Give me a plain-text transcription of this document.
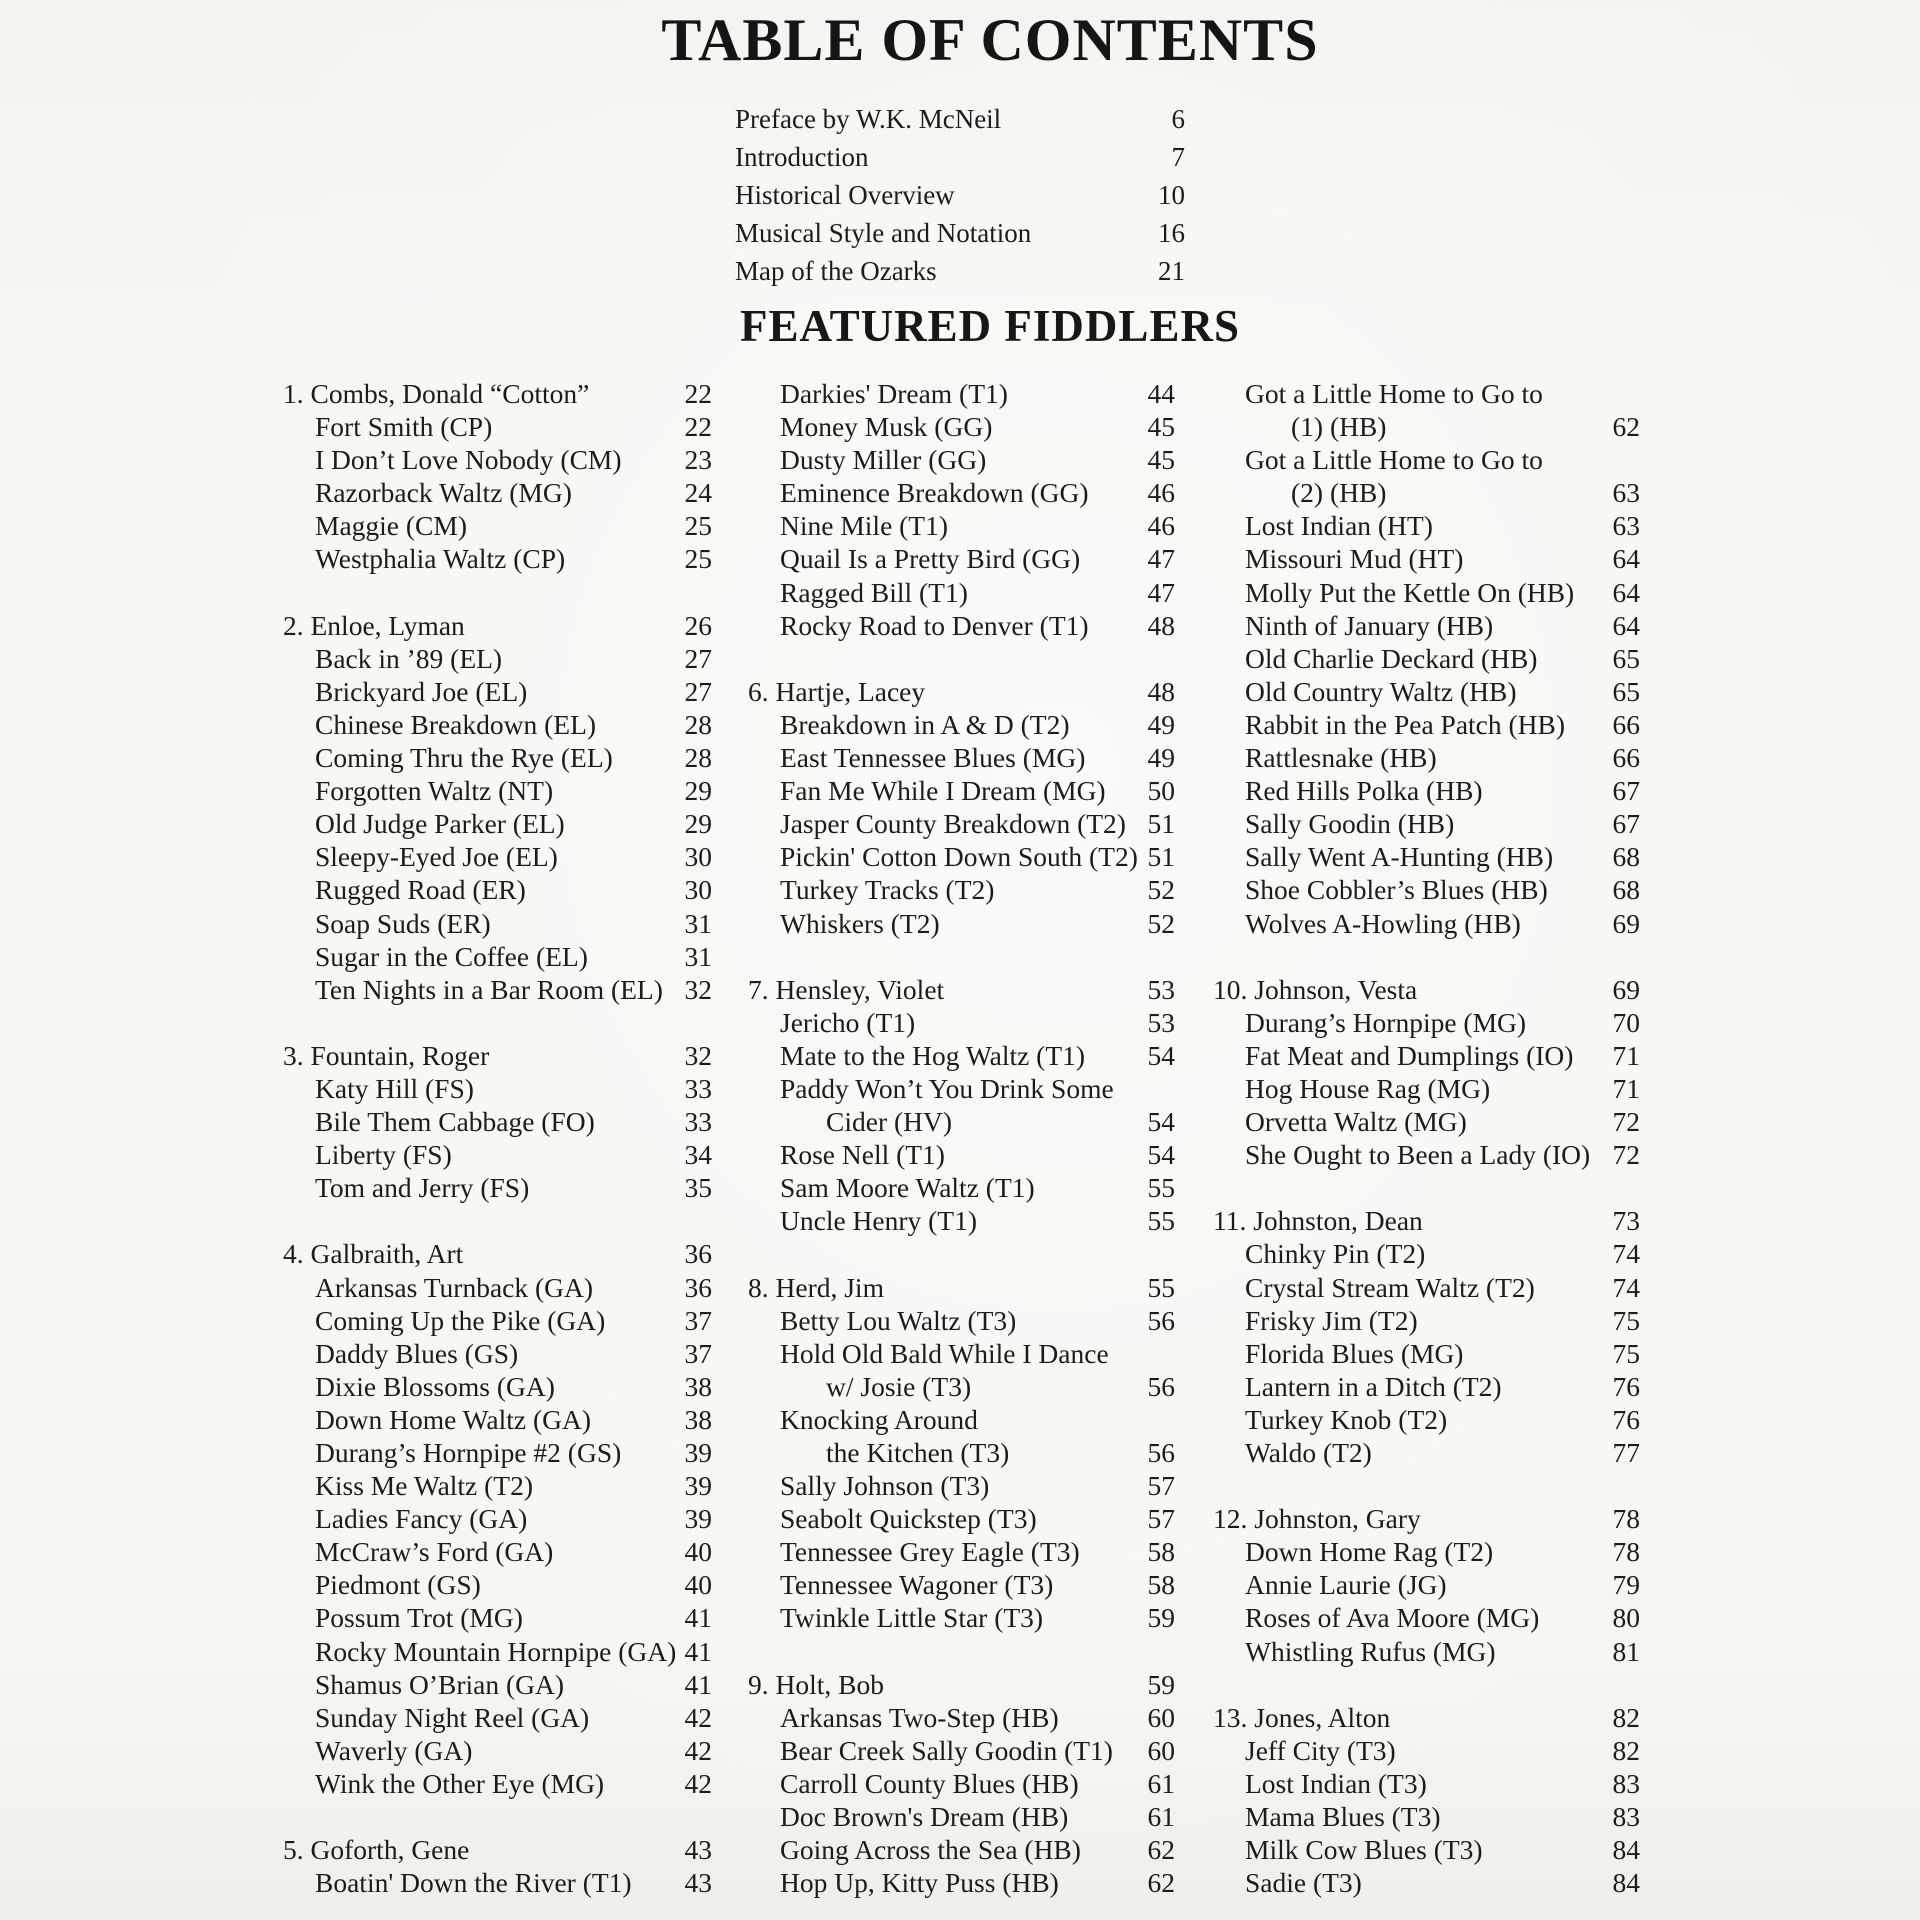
TABLE OF CONTENTS
Preface by W.K. McNeil	6
Introduction	7
Historical Overview	10
Musical Style and Notation	16
Map of the Ozarks	21
FEATURED FIDDLERS
1. Combs, Donald “Cotton”	22
Fort Smith (CP)	22
I Don’t Love Nobody (CM) 23
Razorback Waltz (MG)	24
Maggie (CM)	25
Westphalia Waltz (CP)	25
2. Enloe, Lyman	26
Back in ’89 (EL)	27
Brickyard Joe (EL)	27
Chinese Breakdown (EL)	28
Coming Thru the Rye (EL)	28
Forgotten Waltz (NT)	29
Old Judge Parker (EL)	29
Sleepy-Eyed Joe (EL)	30
Rugged Road (ER)	30
Soap Suds (ER)	31
Sugar in the Coffee (EL)	31
Ten Nights in a Bar Room (EL) 32
3. Fountain, Roger	32
Katy Hill (FS)	33
Bile Them Cabbage (FO)	33
Liberty (FS)	34
Tom and Jerry (FS)	35
4. Galbraith, Art	36
Arkansas Turnback (GA)	36
Coming Up the Pike (GA)	37
Daddy Blues (GS)	37
Dixie Blossoms (GA)	38
Down Home Waltz (GA)	38
Durang’s Hornpipe #2 (GS) 39
Kiss Me Waltz (T2)	39
Ladies Fancy (GA)	39
McCraw’s Ford (GA)	40
Piedmont (GS)	40
Possum Trot (MG)	41
Rocky Mountain Hornpipe (GA) 41
Shamus O’Brian (GA)	41
Sunday Night Reel (GA)	42
Waverly (GA)	42
Wink the Other Eye (MG)	42
5. Goforth, Gene	43
Boatin' Down the River (T1) 43
Darkies' Dream (T1)	44
Money Musk (GG)	45
Dusty Miller (GG)	45
Eminence Breakdown (GG) 46
Nine Mile (T1)	46
Quail Is a Pretty Bird (GG) 47
Ragged Bill (T1)	47
Rocky Road to Denver (T1) 48
6. Hartje, Lacey	48
Breakdown in A & D (T2)	49
East Tennessee Blues (MG) 49
Fan Me While I Dream (MG) 50
Jasper County Breakdown (T2) 51
Pickin' Cotton Down South (T2) 51
Turkey Tracks (T2)	52
Whiskers (T2)	52
7. Hensley, Violet	53
Jericho (T1)	53
Mate to the Hog Waltz (T1) 54
Paddy Won’t You Drink Some
Cider (HV)	54
Rose Nell (T1)	54
Sam Moore Waltz (T1)	55
Uncle Henry (T1)	55
8. Herd, Jim	55
Betty Lou Waltz (T3)	56
Hold Old Bald While I Dance
w/ Josie (T3)	56
Knocking Around
the Kitchen (T3)	56
Sally Johnson (T3)	57
Seabolt Quickstep (T3)	57
Tennessee Grey Eagle (T3) 58
Tennessee Wagoner (T3)	58
Twinkle Little Star (T3)	59
9. Holt, Bob	59
Arkansas Two-Step (HB)	60
Bear Creek Sally Goodin (T1) 60
Carroll County Blues (HB)	61
Doc Brown's Dream (HB)	61
Going Across the Sea (HB) 62
Hop Up, Kitty Puss (HB)	62
Got a Little Home to Go to
(1) (HB)	62
Got a Little Home to Go to
(2) (HB)	63
Lost Indian (HT)	63
Missouri Mud (HT)	64
Molly Put the Kettle On (HB) 64
Ninth of January (HB)	64
Old Charlie Deckard (HB)	65
Old Country Waltz (HB)	65
Rabbit in the Pea Patch (HB) 66
Rattlesnake (HB)	66
Red Hills Polka (HB)	67
Sally Goodin (HB)	67
Sally Went A-Hunting (HB) 68
Shoe Cobbler’s Blues (HB) 68
Wolves A-Howling (HB)	69
10. Johnson, Vesta	69
Durang’s Hornpipe (MG)	70
Fat Meat and Dumplings (IO) 71
Hog House Rag (MG)	71
Orvetta Waltz (MG)	72
She Ought to Been a Lady (IO) 72
11. Johnston, Dean	73
Chinky Pin (T2)	74
Crystal Stream Waltz (T2)	74
Frisky Jim (T2)	75
Florida Blues (MG)	75
Lantern in a Ditch (T2)	76
Turkey Knob (T2)	76
Waldo (T2)	77
12. Johnston, Gary	78
Down Home Rag (T2)	78
Annie Laurie (JG)	79
Roses of Ava Moore (MG)	80
Whistling Rufus (MG)	81
13. Jones, Alton	82
Jeff City (T3)	82
Lost Indian (T3)	83
Mama Blues (T3)	83
Milk Cow Blues (T3)	84
Sadie (T3)	84
